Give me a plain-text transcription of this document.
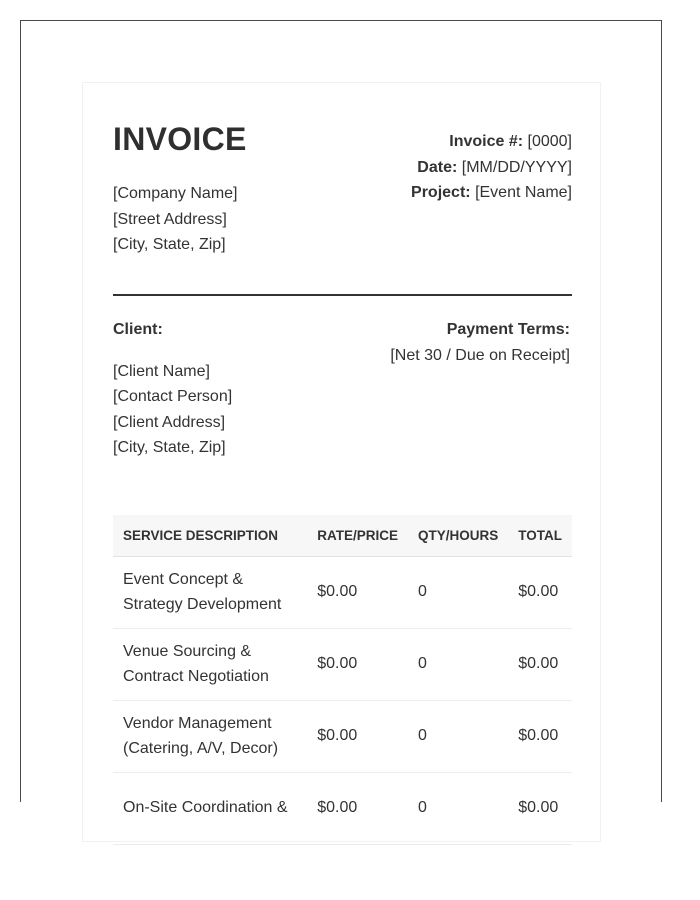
INVOICE
[Company Name]
[Street Address]
[City, State, Zip]
Invoice #: [0000]
Date: [MM/DD/YYYY]
Project: [Event Name]
Client:
[Client Name]
[Contact Person]
[Client Address]
[City, State, Zip]
Payment Terms:
[Net 30 / Due on Receipt]
SERVICE DESCRIPTION	RATE/PRICE	QTY/HOURS	TOTAL

Event Concept &
Strategy Development	$0.00	0	$0.00

Venue Sourcing &
Contract Negotiation	$0.00	0	$0.00

Vendor Management
(Catering, A/V, Decor)	$0.00	0	$0.00

On-Site Coordination &	$0.00	0	$0.00
